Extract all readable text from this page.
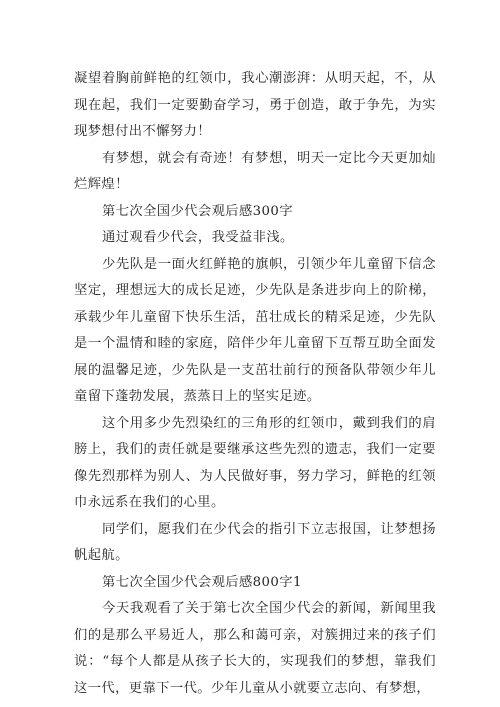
凝望着胸前鲜艳的红领巾，我心潮澎湃：从明天起，不，从现在起，我们一定要勤奋学习，勇于创造，敢于争先，为实现梦想付出不懈努力！

有梦想，就会有奇迹！有梦想，明天一定比今天更加灿烂辉煌！

第七次全国少代会观后感300字

通过观看少代会，我受益非浅。

少先队是一面火红鲜艳的旗帜，引领少年儿童留下信念坚定，理想远大的成长足迹，少先队是条进步向上的阶梯，承载少年儿童留下快乐生活，茁壮成长的精采足迹，少先队是一个温情和睦的家庭，陪伴少年儿童留下互帮互助全面发展的温馨足迹，少先队是一支茁壮前行的预备队带领少年儿童留下蓬勃发展，蒸蒸日上的坚实足迹。

这个用多少先烈染红的三角形的红领巾，戴到我们的肩膀上，我们的责任就是要继承这些先烈的遗志，我们一定要像先烈那样为别人、为人民做好事，努力学习，鲜艳的红领巾永远系在我们的心里。

同学们，愿我们在少代会的指引下立志报国，让梦想扬帆起航。

第七次全国少代会观后感800字1

今天我观看了关于第七次全国少代会的新闻，新闻里我们的是那么平易近人，那么和蔼可亲，对簇拥过来的孩子们说：“每个人都是从孩子长大的，实现我们的梦想，靠我们这一代，更靠下一代。少年儿童从小就要立志向、有梦想，
